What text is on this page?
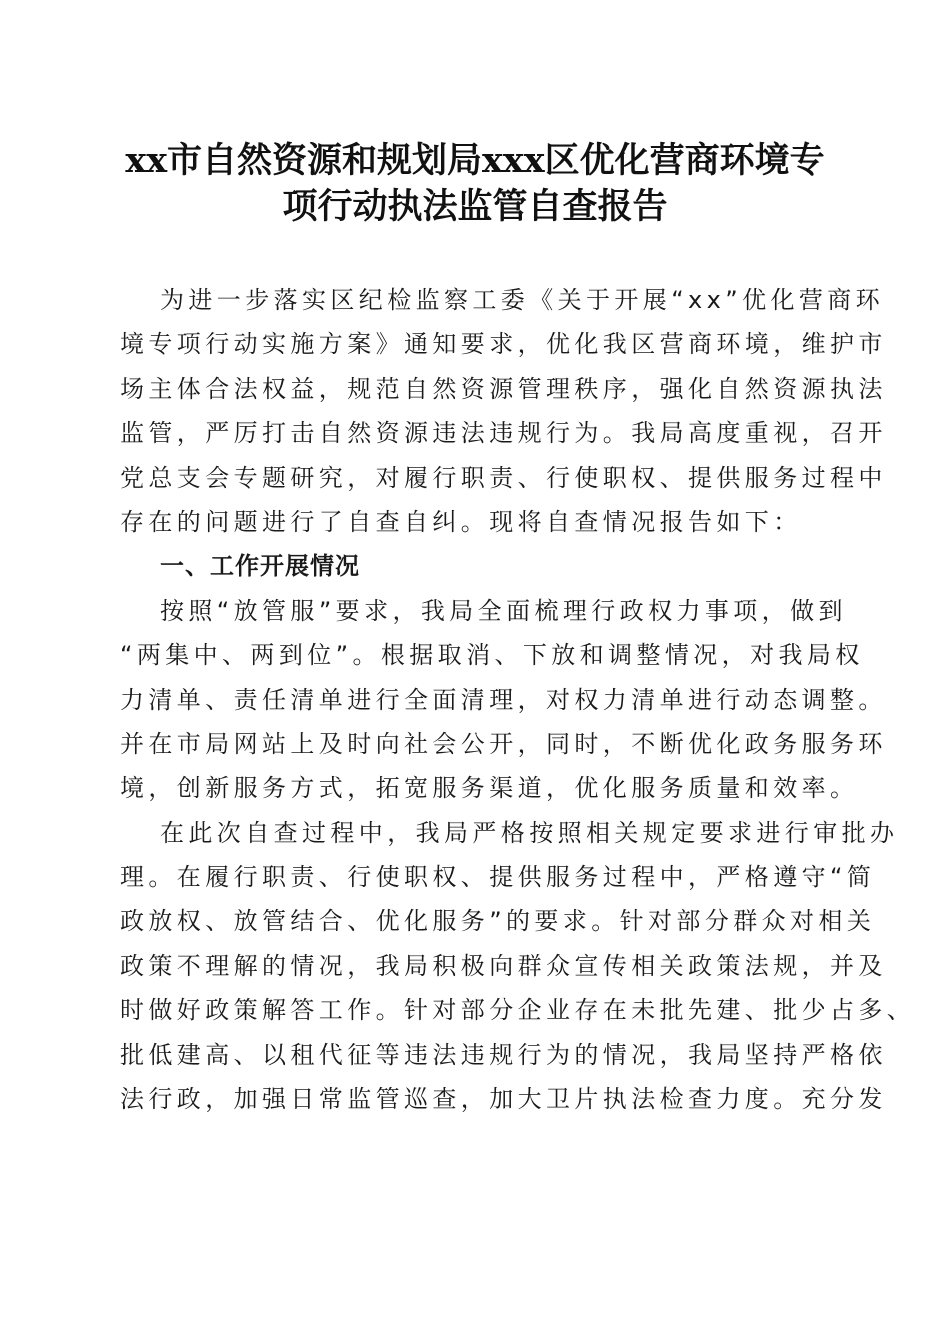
xx市自然资源和规划局xxx区优化营商环境专
项行动执法监管自查报告
为进一步落实区纪检监察工委《关于开展“xx”优化营商环
境专项行动实施方案》通知要求，优化我区营商环境，维护市
场主体合法权益，规范自然资源管理秩序，强化自然资源执法
监管，严厉打击自然资源违法违规行为。我局高度重视，召开
党总支会专题研究，对履行职责、行使职权、提供服务过程中
存在的问题进行了自查自纠。现将自查情况报告如下：
一、工作开展情况
按照“放管服”要求，我局全面梳理行政权力事项，做到
“两集中、两到位”。根据取消、下放和调整情况，对我局权
力清单、责任清单进行全面清理，对权力清单进行动态调整。
并在市局网站上及时向社会公开，同时，不断优化政务服务环
境，创新服务方式，拓宽服务渠道，优化服务质量和效率。
在此次自查过程中，我局严格按照相关规定要求进行审批办
理。在履行职责、行使职权、提供服务过程中，严格遵守“简
政放权、放管结合、优化服务”的要求。针对部分群众对相关
政策不理解的情况，我局积极向群众宣传相关政策法规，并及
时做好政策解答工作。针对部分企业存在未批先建、批少占多、
批低建高、以租代征等违法违规行为的情况，我局坚持严格依
法行政，加强日常监管巡查，加大卫片执法检查力度。充分发
